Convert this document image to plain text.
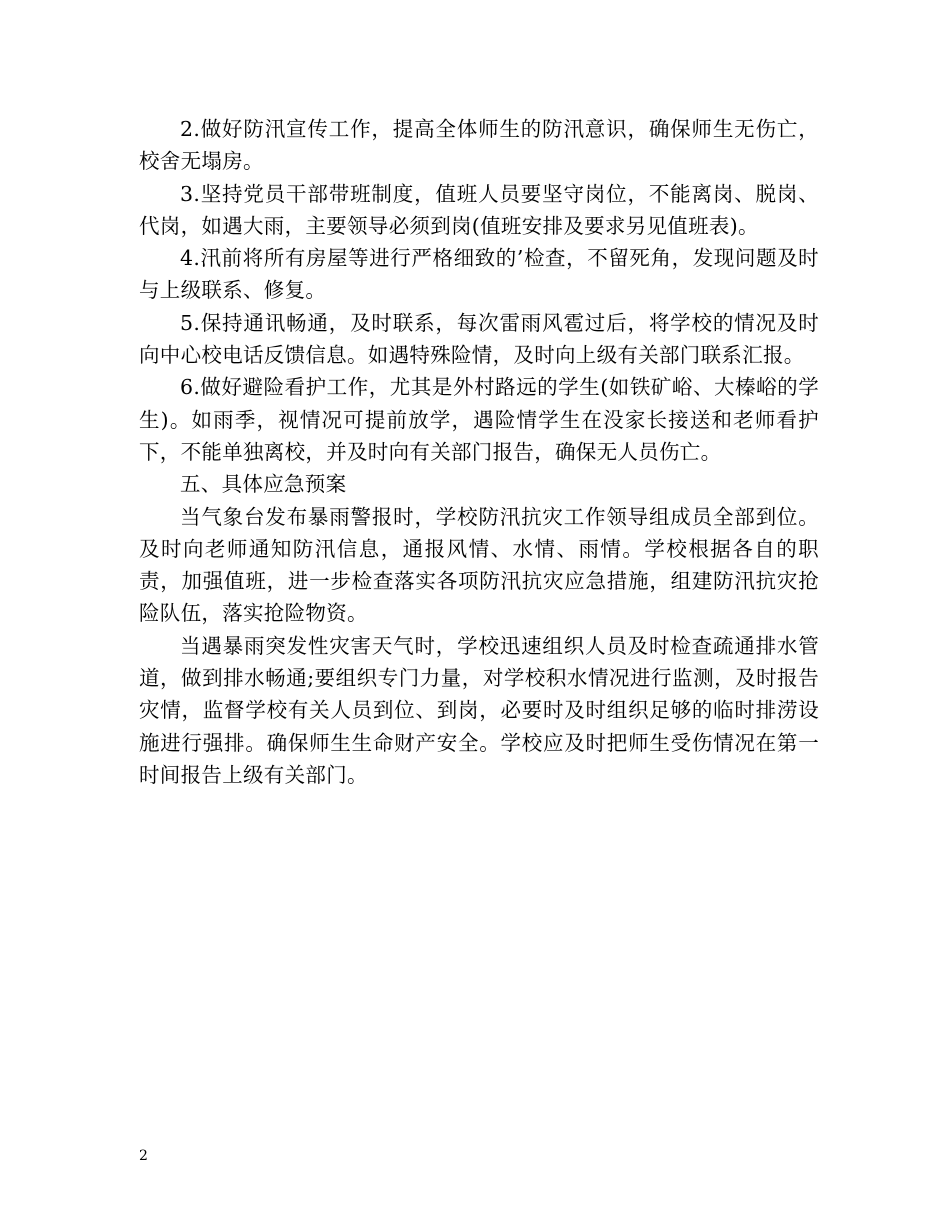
2.做好防汛宣传工作，提高全体师生的防汛意识，确保师生无伤亡，校舍无塌房。

3.坚持党员干部带班制度，值班人员要坚守岗位，不能离岗、脱岗、代岗，如遇大雨，主要领导必须到岗(值班安排及要求另见值班表)。

4.汛前将所有房屋等进行严格细致的’检查，不留死角，发现问题及时与上级联系、修复。

5.保持通讯畅通，及时联系，每次雷雨风雹过后，将学校的情况及时向中心校电话反馈信息。如遇特殊险情，及时向上级有关部门联系汇报。

6.做好避险看护工作，尤其是外村路远的学生(如铁矿峪、大榛峪的学生)。如雨季，视情况可提前放学，遇险情学生在没家长接送和老师看护下，不能单独离校，并及时向有关部门报告，确保无人员伤亡。

五、具体应急预案

当气象台发布暴雨警报时，学校防汛抗灾工作领导组成员全部到位。及时向老师通知防汛信息，通报风情、水情、雨情。学校根据各自的职责，加强值班，进一步检查落实各项防汛抗灾应急措施，组建防汛抗灾抢险队伍，落实抢险物资。

当遇暴雨突发性灾害天气时，学校迅速组织人员及时检查疏通排水管道，做到排水畅通;要组织专门力量，对学校积水情况进行监测，及时报告灾情，监督学校有关人员到位、到岗，必要时及时组织足够的临时排涝设施进行强排。确保师生生命财产安全。学校应及时把师生受伤情况在第一时间报告上级有关部门。

2
